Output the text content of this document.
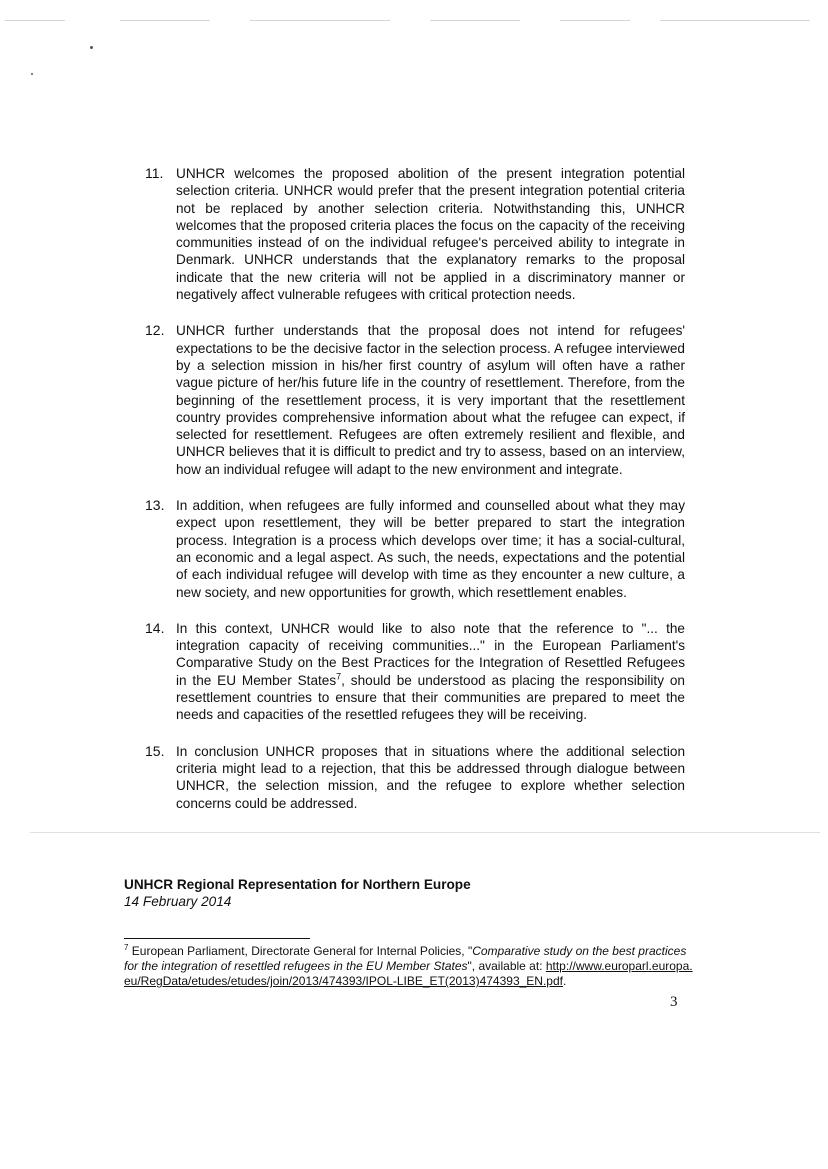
11. UNHCR welcomes the proposed abolition of the present integration potential selection criteria. UNHCR would prefer that the present integration potential criteria not be replaced by another selection criteria. Notwithstanding this, UNHCR welcomes that the proposed criteria places the focus on the capacity of the receiving communities instead of on the individual refugee's perceived ability to integrate in Denmark. UNHCR understands that the explanatory remarks to the proposal indicate that the new criteria will not be applied in a discriminatory manner or negatively affect vulnerable refugees with critical protection needs.
12. UNHCR further understands that the proposal does not intend for refugees' expectations to be the decisive factor in the selection process. A refugee interviewed by a selection mission in his/her first country of asylum will often have a rather vague picture of her/his future life in the country of resettlement. Therefore, from the beginning of the resettlement process, it is very important that the resettlement country provides comprehensive information about what the refugee can expect, if selected for resettlement. Refugees are often extremely resilient and flexible, and UNHCR believes that it is difficult to predict and try to assess, based on an interview, how an individual refugee will adapt to the new environment and integrate.
13. In addition, when refugees are fully informed and counselled about what they may expect upon resettlement, they will be better prepared to start the integration process. Integration is a process which develops over time; it has a social-cultural, an economic and a legal aspect. As such, the needs, expectations and the potential of each individual refugee will develop with time as they encounter a new culture, a new society, and new opportunities for growth, which resettlement enables.
14. In this context, UNHCR would like to also note that the reference to "... the integration capacity of receiving communities..." in the European Parliament's Comparative Study on the Best Practices for the Integration of Resettled Refugees in the EU Member States$^7$, should be understood as placing the responsibility on resettlement countries to ensure that their communities are prepared to meet the needs and capacities of the resettled refugees they will be receiving.
15. In conclusion UNHCR proposes that in situations where the additional selection criteria might lead to a rejection, that this be addressed through dialogue between UNHCR, the selection mission, and the refugee to explore whether selection concerns could be addressed.
UNHCR Regional Representation for Northern Europe
14 February 2014
$^7$ European Parliament, Directorate General for Internal Policies, "Comparative study on the best practices for the integration of resettled refugees in the EU Member States", available at: http://www.europarl.europa.eu/RegData/etudes/etudes/join/2013/474393/IPOL-LIBE_ET(2013)474393_EN.pdf.
3
